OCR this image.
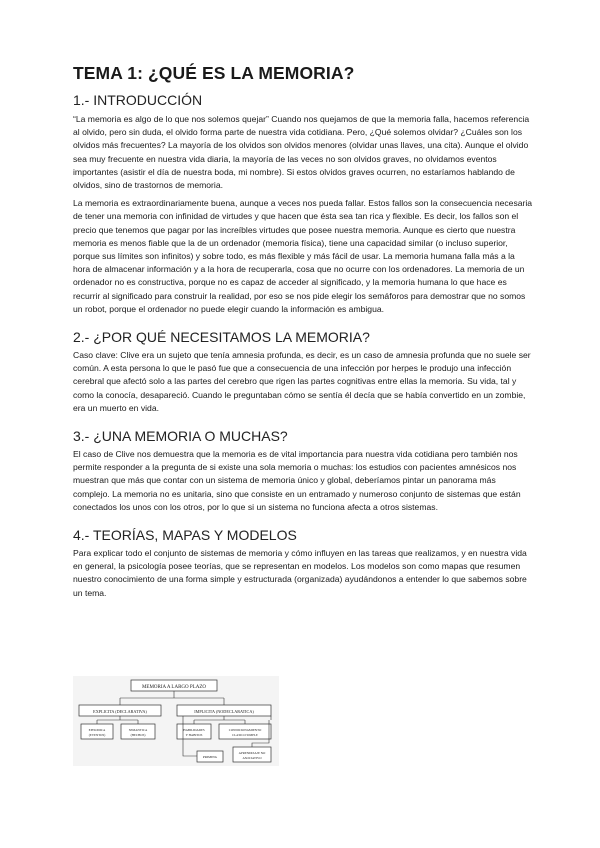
TEMA 1: ¿QUÉ ES LA MEMORIA?
1.- INTRODUCCIÓN

“La memoria es algo de lo que nos solemos quejar” Cuando nos quejamos de que la memoria falla, hacemos referencia al olvido, pero sin duda, el olvido forma parte de nuestra vida cotidiana. Pero, ¿Qué solemos olvidar? ¿Cuáles son los olvidos más frecuentes? La mayoría de los olvidos son olvidos menores (olvidar unas llaves, una cita). Aunque el olvido sea muy frecuente en nuestra vida diaria, la mayoría de las veces no son olvidos graves, no olvidamos eventos importantes (asistir el día de nuestra boda, mi nombre). Si estos olvidos graves ocurren, no estaríamos hablando de olvidos, sino de trastornos de memoria.

La memoria es extraordinariamente buena, aunque a veces nos pueda fallar. Estos fallos son la consecuencia necesaria de tener una memoria con infinidad de virtudes y que hacen que ésta sea tan rica y flexible. Es decir, los fallos son el precio que tenemos que pagar por las increíbles virtudes que posee nuestra memoria. Aunque es cierto que nuestra memoria es menos fiable que la de un ordenador (memoria física), tiene una capacidad similar (o incluso superior, porque sus límites son infinitos) y sobre todo, es más flexible y más fácil de usar. La memoria humana falla más a la hora de almacenar información y a la hora de recuperarla, cosa que no ocurre con los ordenadores. La memoria de un ordenador no es constructiva, porque no es capaz de acceder al significado, y la memoria humana lo que hace es recurrir al significado para construir la realidad, por eso se nos pide elegir los semáforos para demostrar que no somos un robot, porque el ordenador no puede elegir cuando la información es ambigua.

2.- ¿POR QUÉ NECESITAMOS LA MEMORIA?

Caso clave: Clive era un sujeto que tenía amnesia profunda, es decir, es un caso de amnesia profunda que no suele ser común. A esta persona lo que le pasó fue que a consecuencia de una infección por herpes le produjo una infección cerebral que afectó solo a las partes del cerebro que rigen las partes cognitivas entre ellas la memoria. Su vida, tal y como la conocía, desapareció. Cuando le preguntaban cómo se sentía él decía que se había convertido en un zombie, era un muerto en vida.

3.- ¿UNA MEMORIA O MUCHAS?

El caso de Clive nos demuestra que la memoria es de vital importancia para nuestra vida cotidiana pero también nos permite responder a la pregunta de si existe una sola memoria o muchas: los estudios con pacientes amnésicos nos muestran que más que contar con un sistema de memoria único y global, deberíamos pintar un panorama más complejo. La memoria no es unitaria, sino que consiste en un entramado y numeroso conjunto de sistemas que están conectados los unos con los otros, por lo que si un sistema no funciona afecta a otros sistemas.

4.- TEORÍAS, MAPAS Y MODELOS

Para explicar todo el conjunto de sistemas de memoria y cómo influyen en las tareas que realizamos, y en nuestra vida en general, la psicología posee teorías, que se representan en modelos. Los modelos son como mapas que resumen nuestro conocimiento de una forma simple y estructurada (organizada) ayudándonos a entender lo que sabemos sobre un tema.

MEMORIA A LARGO PLAZO
EXPLICITA (DECLARATIVA)	IMPLICITA (NODECLARATICA)
EPISODICA
(EVENTOS)
SEMANTICA
(HECHOS)
HABILIDADES
Y HABITOS
CONDICIONAMIENTO
CLASICO SIMPLE
PRIMING
APRENDIZAJE NO
ASOCIATIVO
